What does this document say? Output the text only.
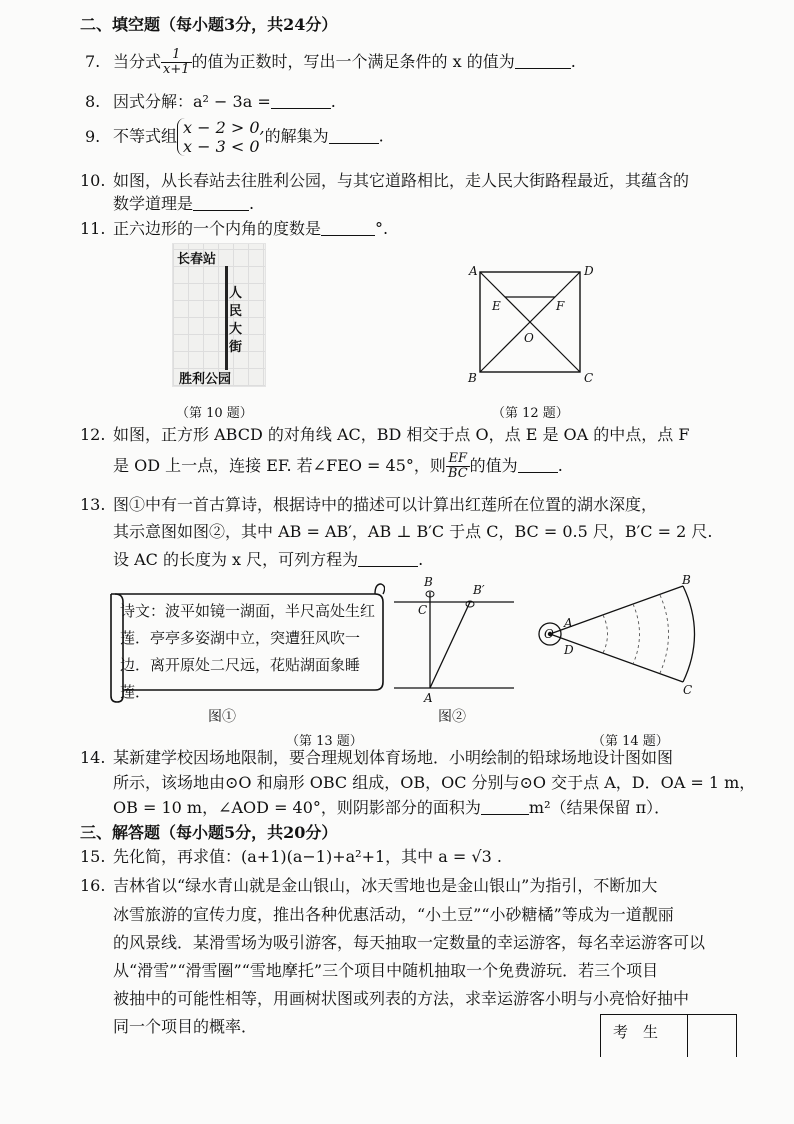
二、填空题（每小题3分，共24分）
7. 当分式 $\frac{1}{x+1}$ 的值为正数时，写出一个满足条件的 x 的值为	.
8. 因式分解：a² − 3a =	.
9. 不等式组 x − 2 > 0,
x − 3 < 0
的解集为	.
10. 如图，从长春站去往胜利公园，与其它道路相比，走人民大街路程最近，其蕴含的
数学道理是	.
11. 正六边形的一个内角的度数是	°.
长春站
人
民
大
街
胜利公园
（第 10 题）
A	D
B	C
E	F
O
（第 12 题）
12. 如图，正方形 ABCD 的对角线 AC，BD 相交于点 O，点 E 是 OA 的中点，点 F
是 OD 上一点，连接 EF. 若∠FEO = 45°，则 $\frac{EF}{BC}$ 的值为	.
13. 图①中有一首古算诗，根据诗中的描述可以计算出红莲所在位置的湖水深度，
其示意图如图②，其中 AB = AB′，AB ⊥ B′C 于点 C，BC = 0.5 尺，B′C = 2 尺.
设 AC 的长度为 x 尺，可列方程为	.
诗文：波平如镜一湖面，半尺高处生红莲．亭亭多姿湖中立，突遭狂风吹一边．离开原处二尺远，花贴湖面象睡莲．
图①
B
B′
C
A
图②
（第 13 题）
O
A
D
B
C
（第 14 题）
14. 某新建学校因场地限制，要合理规划体育场地．小明绘制的铅球场地设计图如图
所示，该场地由⊙O 和扇形 OBC 组成，OB，OC 分别与⊙O 交于点 A，D．OA = 1 m，
OB = 10 m，∠AOD = 40°，则阴影部分的面积为	m²（结果保留 π）．
三、解答题（每小题5分，共20分）
15. 先化简，再求值：(a+1)(a−1)+a²+1，其中 a = √3 .
16. 吉林省以“绿水青山就是金山银山，冰天雪地也是金山银山”为指引，不断加大
冰雪旅游的宣传力度，推出各种优惠活动，“小土豆”“小砂糖橘”等成为一道靓丽
的风景线．某滑雪场为吸引游客，每天抽取一定数量的幸运游客，每名幸运游客可以
从“滑雪”“滑雪圈”“雪地摩托”三个项目中随机抽取一个免费游玩．若三个项目
被抽中的可能性相等，用画树状图或列表的方法，求幸运游客小明与小亮恰好抽中
同一个项目的概率．	考　生
